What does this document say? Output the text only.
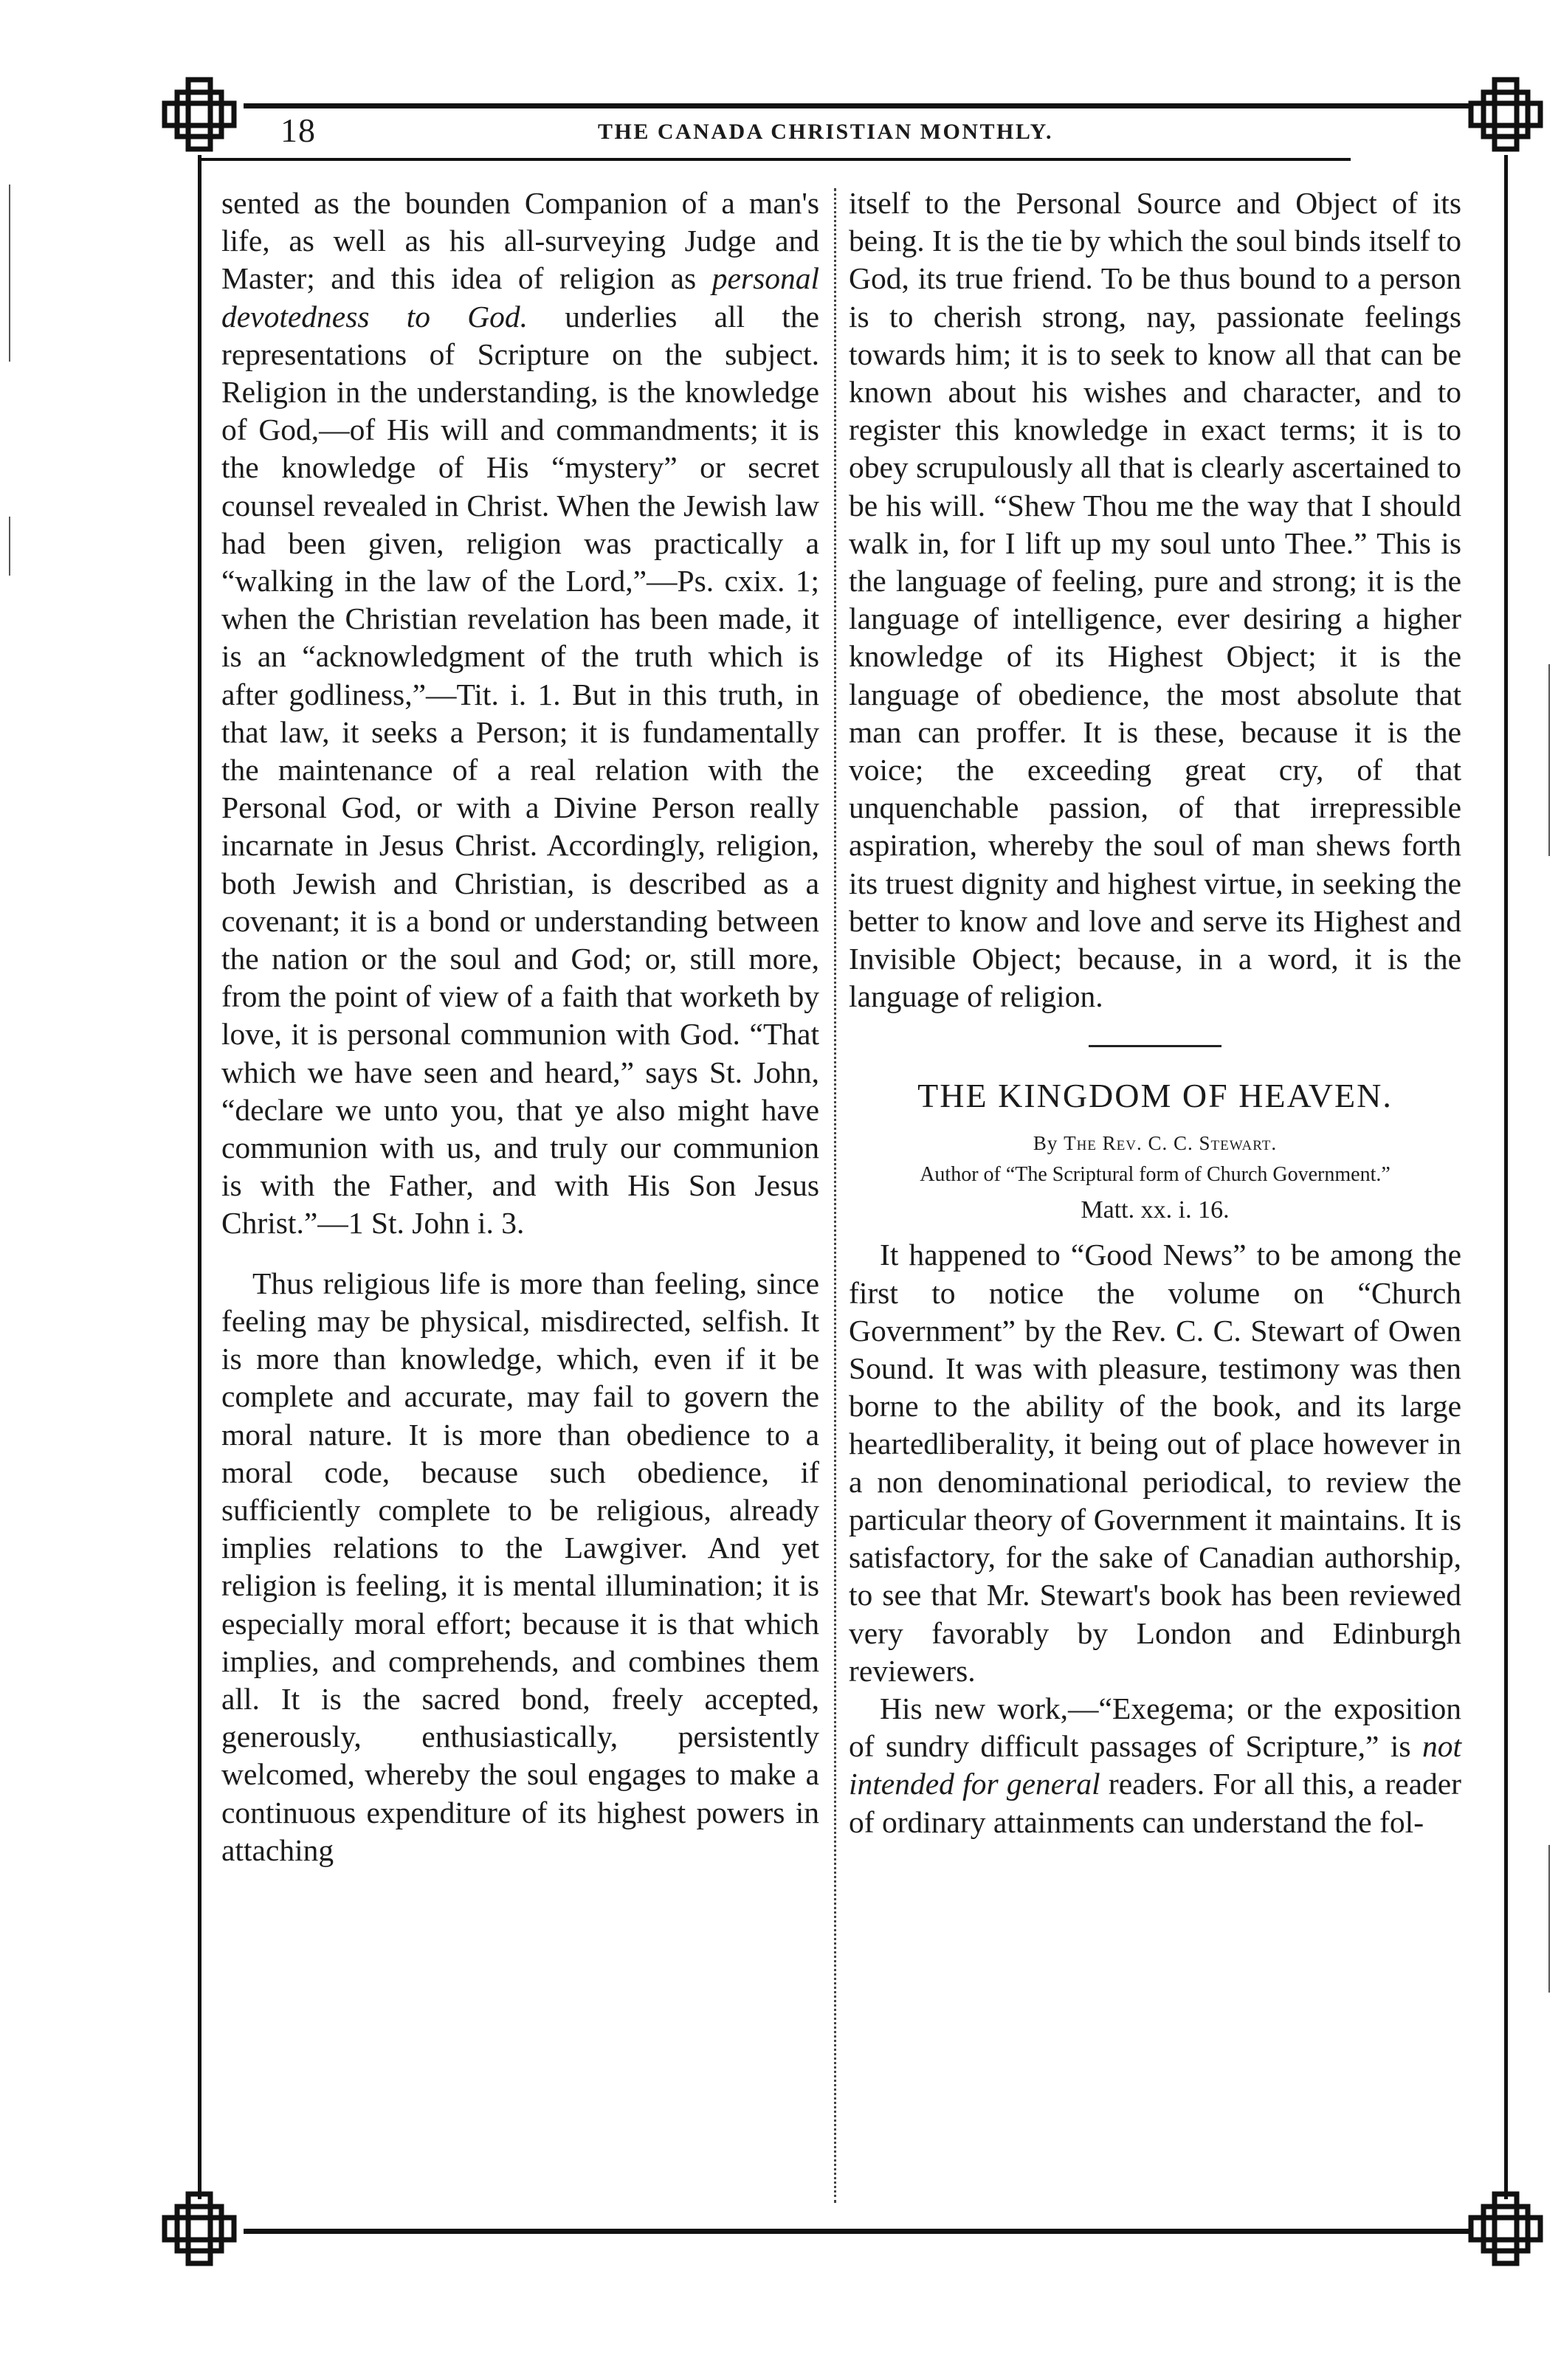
18	THE CANADA CHRISTIAN MONTHLY.

sented as the bounden Companion of a man's life, as well as his all-surveying Judge and Master; and this idea of religion as personal devotedness to God. underlies all the representations of Scripture on the subject. Religion in the understanding, is the knowledge of God,—of His will and commandments; it is the knowledge of His “mystery” or secret counsel revealed in Christ. When the Jewish law had been given, religion was practically a “walking in the law of the Lord,”—Ps. cxix. 1; when the Christian revelation has been made, it is an “acknowledgment of the truth which is after godliness,”—Tit. i. 1. But in this truth, in that law, it seeks a Person; it is fundamentally the maintenance of a real relation with the Personal God, or with a Divine Person really incarnate in Jesus Christ. Accordingly, religion, both Jewish and Christian, is described as a covenant; it is a bond or understanding between the nation or the soul and God; or, still more, from the point of view of a faith that worketh by love, it is personal communion with God. “That which we have seen and heard,” says St. John, “declare we unto you, that ye also might have communion with us, and truly our communion is with the Father, and with His Son Jesus Christ.”—1 St. John i. 3.

Thus religious life is more than feeling, since feeling may be physical, misdirected, selfish. It is more than knowledge, which, even if it be complete and accurate, may fail to govern the moral nature. It is more than obedience to a moral code, because such obedience, if sufficiently complete to be religious, already implies relations to the Lawgiver. And yet religion is feeling, it is mental illumination; it is especially moral effort; because it is that which implies, and comprehends, and combines them all. It is the sacred bond, freely accepted, generously, enthusiastically, persistently welcomed, whereby the soul engages to make a continuous expenditure of its highest powers in attaching

itself to the Personal Source and Object of its being. It is the tie by which the soul binds itself to God, its true friend. To be thus bound to a person is to cherish strong, nay, passionate feelings towards him; it is to seek to know all that can be known about his wishes and character, and to register this knowledge in exact terms; it is to obey scrupulously all that is clearly ascertained to be his will. “Shew Thou me the way that I should walk in, for I lift up my soul unto Thee.” This is the language of feeling, pure and strong; it is the language of intelligence, ever desiring a higher knowledge of its Highest Object; it is the language of obedience, the most absolute that man can proffer. It is these, because it is the voice; the exceeding great cry, of that unquenchable passion, of that irrepressible aspiration, whereby the soul of man shews forth its truest dignity and highest virtue, in seeking the better to know and love and serve its Highest and Invisible Object; because, in a word, it is the language of religion.

THE KINGDOM OF HEAVEN.
By The Rev. C. C. Stewart.
Author of “The Scriptural form of Church Government.”
Matt. xx. i. 16.

It happened to “Good News” to be among the first to notice the volume on “Church Government” by the Rev. C. C. Stewart of Owen Sound. It was with pleasure, testimony was then borne to the ability of the book, and its large heartedliberality, it being out of place however in a non denominational periodical, to review the particular theory of Government it maintains. It is satisfactory, for the sake of Canadian authorship, to see that Mr. Stewart's book has been reviewed very favorably by London and Edinburgh reviewers.

His new work,—“Exegema; or the exposition of sundry difficult passages of Scripture,” is not intended for general readers. For all this, a reader of ordinary attainments can understand the fol-
